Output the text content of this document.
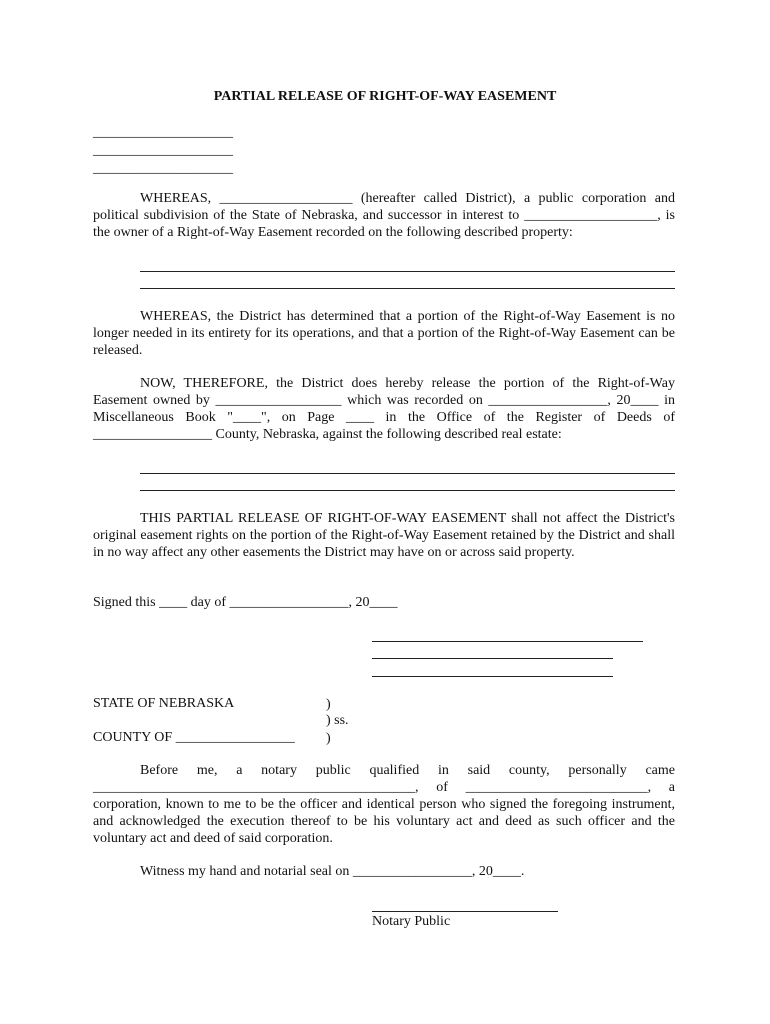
PARTIAL RELEASE OF RIGHT-OF-WAY EASEMENT
____________________
____________________
____________________
WHEREAS, ___________________ (hereafter called District), a public corporation and political subdivision of the State of Nebraska, and successor in interest to ___________________, is the owner of a Right-of-Way Easement recorded on the following described property:
WHEREAS, the District has determined that a portion of the Right-of-Way Easement is no longer needed in its entirety for its operations, and that a portion of the Right-of-Way Easement can be released.
NOW, THEREFORE, the District does hereby release the portion of the Right-of-Way Easement owned by __________________ which was recorded on _________________, 20____ in Miscellaneous Book "____", on Page ____ in the Office of the Register of Deeds of _________________ County, Nebraska, against the following described real estate:
THIS PARTIAL RELEASE OF RIGHT-OF-WAY EASEMENT shall not affect the District's original easement rights on the portion of the Right-of-Way Easement retained by the District and shall in no way affect any other easements the District may have on or across said property.
Signed this ____ day of _________________, 20____
STATE OF NEBRASKA	)
) ss.
COUNTY OF _________________ )
Before me, a notary public qualified in said county, personally came ______________________________________________, of __________________________, a corporation, known to me to be the officer and identical person who signed the foregoing instrument, and acknowledged the execution thereof to be his voluntary act and deed as such officer and the voluntary act and deed of said corporation.
Witness my hand and notarial seal on _________________, 20____.
Notary Public
